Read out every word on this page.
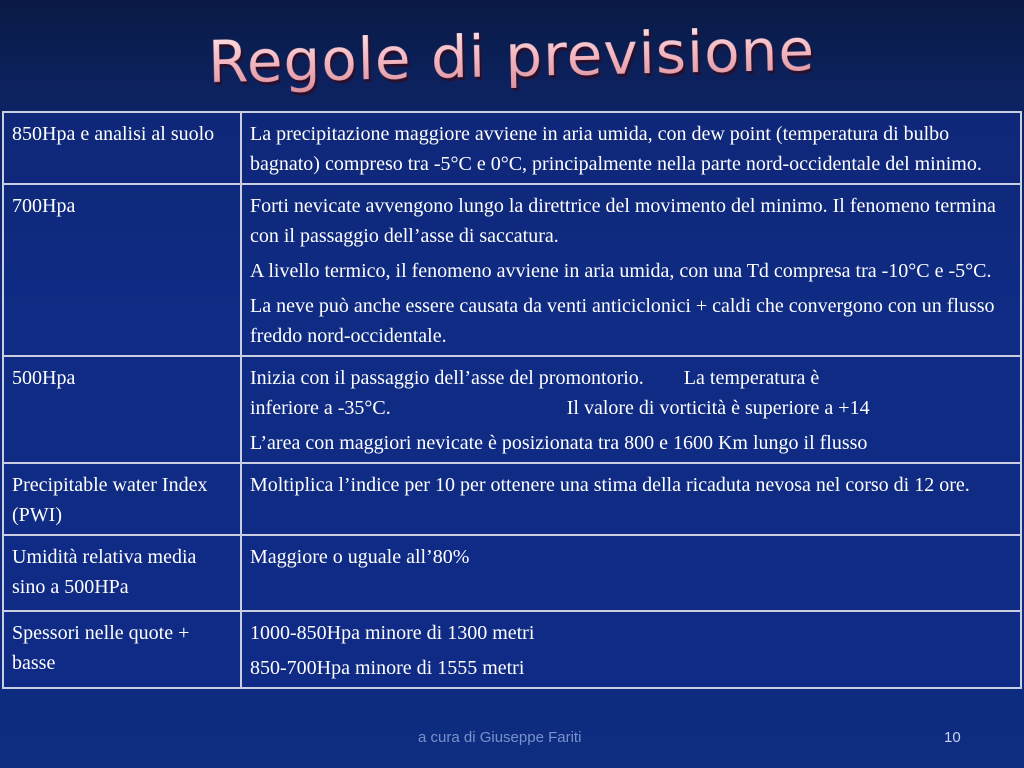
Regole di previsione
850Hpa e analisi al suolo	La precipitazione maggiore avviene in aria umida, con dew point (temperatura di bulbo bagnato) compreso tra -5°C e 0°C, principalmente nella parte nord-occidentale del minimo.

700Hpa	Forti nevicate avvengono lungo la direttrice del movimento del minimo. Il fenomeno termina con il passaggio dell’asse di saccatura.

A livello termico, il fenomeno avviene in aria umida, con una Td compresa tra -10°C e -5°C.

La neve può anche essere causata da venti anticiclonici + caldi che convergono con un flusso freddo nord-occidentale.

500Hpa	Inizia con il passaggio dell’asse del promontorio. La temperatura è
inferiore a -35°C. Il valore di vorticità è superiore a +14

L’area con maggiori nevicate è posizionata tra 800 e 1600 Km lungo il flusso

Precipitable water Index (PWI)	Moltiplica l’indice per 10 per ottenere una stima della ricaduta nevosa nel corso di 12 ore.

Umidità relativa media sino a 500HPa	Maggiore o uguale all’80%

Spessori nelle quote + basse	1000-850Hpa minore di 1300 metri

850-700Hpa minore di 1555 metri

a cura di Giuseppe Fariti	10
